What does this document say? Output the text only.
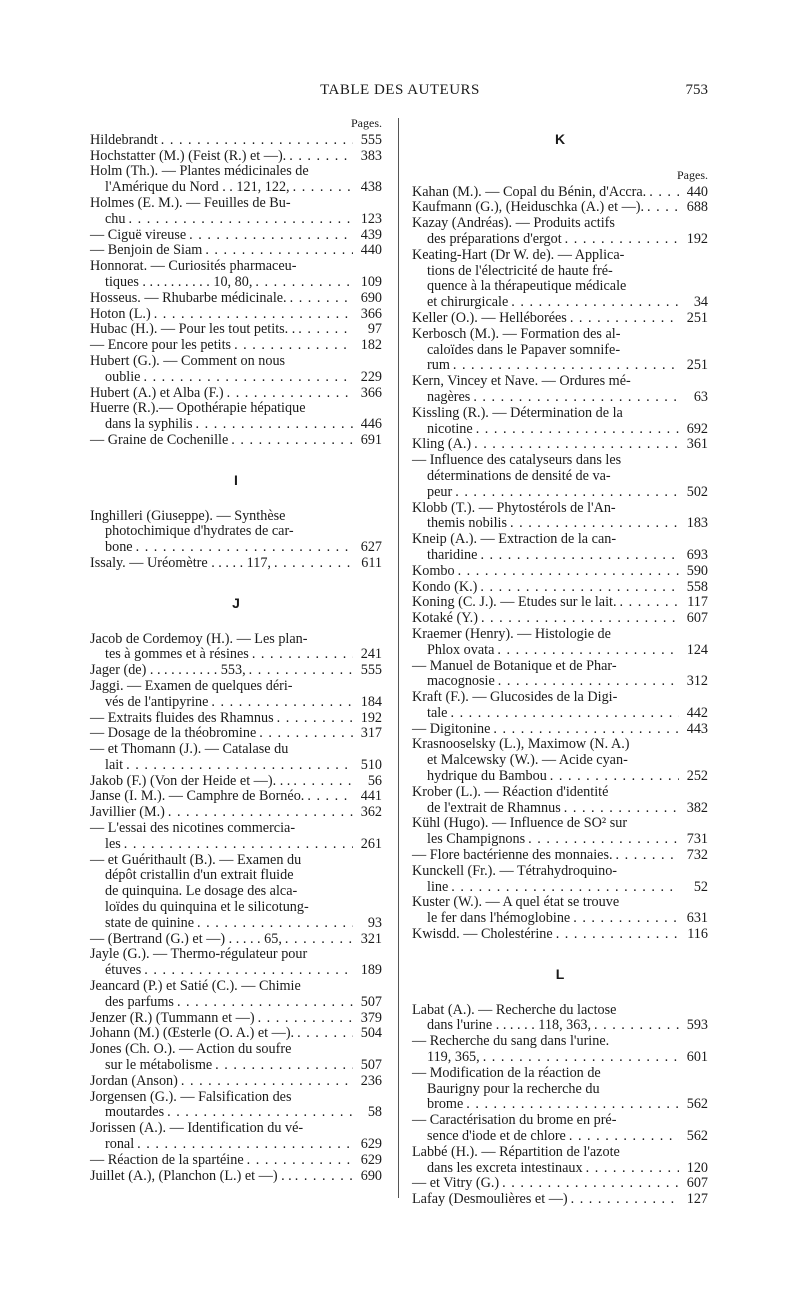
TABLE DES AUTEURS	753
Pages.
Hildebrandt . . .	555
Hochstatter (M.) (Feist (R.) et —). . . .	383
Holm (Th.). — Plantes médicinales de
l'Amérique du Nord . . 121, 122, . . .	438
Holmes (E. M.). — Feuilles de Bu-
chu . . .	123
— Ciguë vireuse . . .	439
— Benjoin de Siam . . .	440
Honnorat. — Curiosités pharmaceu-
tiques . . . . . . . . . . 10, 80, . . .	109
Hosseus. — Rhubarbe médicinale. . . .	690
Hoton (L.) . . .	366
Hubac (H.). — Pour les tout petits. . . . .	97
— Encore pour les petits . . .	182
Hubert (G.). — Comment on nous
oublie . . .	229
Hubert (A.) et Alba (F.) . . .	366
Huerre (R.).— Opothérapie hépatique
dans la syphilis . . .	446
— Graine de Cochenille . . .	691
I
Inghilleri (Giuseppe). — Synthèse
photochimique d'hydrates de car-
bone . . .	627
Issaly. — Uréomètre . . . . . 117, . . .	611
J
Jacob de Cordemoy (H.). — Les plan-
tes à gommes et à résines . . .	241
Jager (de) . . . . . . . . . . 553, . . .	555
Jaggi. — Examen de quelques déri-
vés de l'antipyrine . . .	184
— Extraits fluides des Rhamnus . . .	192
— Dosage de la théobromine . . .	317
— et Thomann (J.). — Catalase du
lait . . .	510
Jakob (F.) (Von der Heide et —). . . . . .	56
Janse (I. M.). — Camphre de Bornéo. . . .	441
Javillier (M.) . . .	362
— L'essai des nicotines commercia-
les . . .	261
— et Guérithault (B.). — Examen du
dépôt cristallin d'un extrait fluide
de quinquina. Le dosage des alca-
loïdes du quinquina et le silicotung-
state de quinine . . .	93
— (Bertrand (G.) et —) . . . . . 65, . . .	321
Jayle (G.). — Thermo-régulateur pour
étuves . . .	189
Jeancard (P.) et Satié (C.). — Chimie
des parfums . . .	507
Jenzer (R.) (Tummann et —) . . .	379
Johann (M.) (Œsterle (O. A.) et —). . . .	504
Jones (Ch. O.). — Action du soufre
sur le métabolisme . . .	507
Jordan (Anson) . . .	236
Jorgensen (G.). — Falsification des
moutardes . . .	58
Jorissen (A.). — Identification du vé-
ronal . . .	629
— Réaction de la spartéine . . .	629
Juillet (A.), (Planchon (L.) et —) . . . . .	690
K
Pages.
Kahan (M.). — Copal du Bénin, d'Accra. . . .	440
Kaufmann (G.), (Heiduschka (A.) et —). . . .	688
Kazay (Andréas). — Produits actifs
des préparations d'ergot . . .	192
Keating-Hart (Dr W. de). — Applica-
tions de l'électricité de haute fré-
quence à la thérapeutique médicale
et chirurgicale . . .	34
Keller (O.). — Helléborées . . .	251
Kerbosch (M.). — Formation des al-
caloïdes dans le Papaver somnife-
rum . . .	251
Kern, Vincey et Nave. — Ordures mé-
nagères . . .	63
Kissling (R.). — Détermination de la
nicotine . . .	692
Kling (A.) . . .	361
— Influence des catalyseurs dans les
déterminations de densité de va-
peur . . .	502
Klobb (T.). — Phytostérols de l'An-
themis nobilis . . .	183
Kneip (A.). — Extraction de la can-
tharidine . . .	693
Kombo . . .	590
Kondo (K.) . . .	558
Koning (C. J.). — Etudes sur le lait. . . .	117
Kotaké (Y.) . . .	607
Kraemer (Henry). — Histologie de
Phlox ovata . . .	124
— Manuel de Botanique et de Phar-
macognosie . . .	312
Kraft (F.). — Glucosides de la Digi-
tale . . .	442
— Digitonine . . .	443
Krasnooselsky (L.), Maximow (N. A.)
et Malcewsky (W.). — Acide cyan-
hydrique du Bambou . . .	252
Krober (L.). — Réaction d'identité
de l'extrait de Rhamnus . . .	382
Kühl (Hugo). — Influence de SO² sur
les Champignons . . .	731
— Flore bactérienne des monnaies. . . .	732
Kunckell (Fr.). — Tétrahydroquino-
line . . .	52
Kuster (W.). — A quel état se trouve
le fer dans l'hémoglobine . . .	631
Kwisdd. — Cholestérine . . .	116
L
Labat (A.). — Recherche du lactose
dans l'urine . . . . . . 118, 363, . . .	593
— Recherche du sang dans l'urine.
119, 365, . . .	601
— Modification de la réaction de
Baurigny pour la recherche du
brome . . .	562
— Caractérisation du brome en pré-
sence d'iode et de chlore . . .	562
Labbé (H.). — Répartition de l'azote
dans les excreta intestinaux . . .	120
— et Vitry (G.) . . .	607
Lafay (Desmoulières et —) . . .	127
